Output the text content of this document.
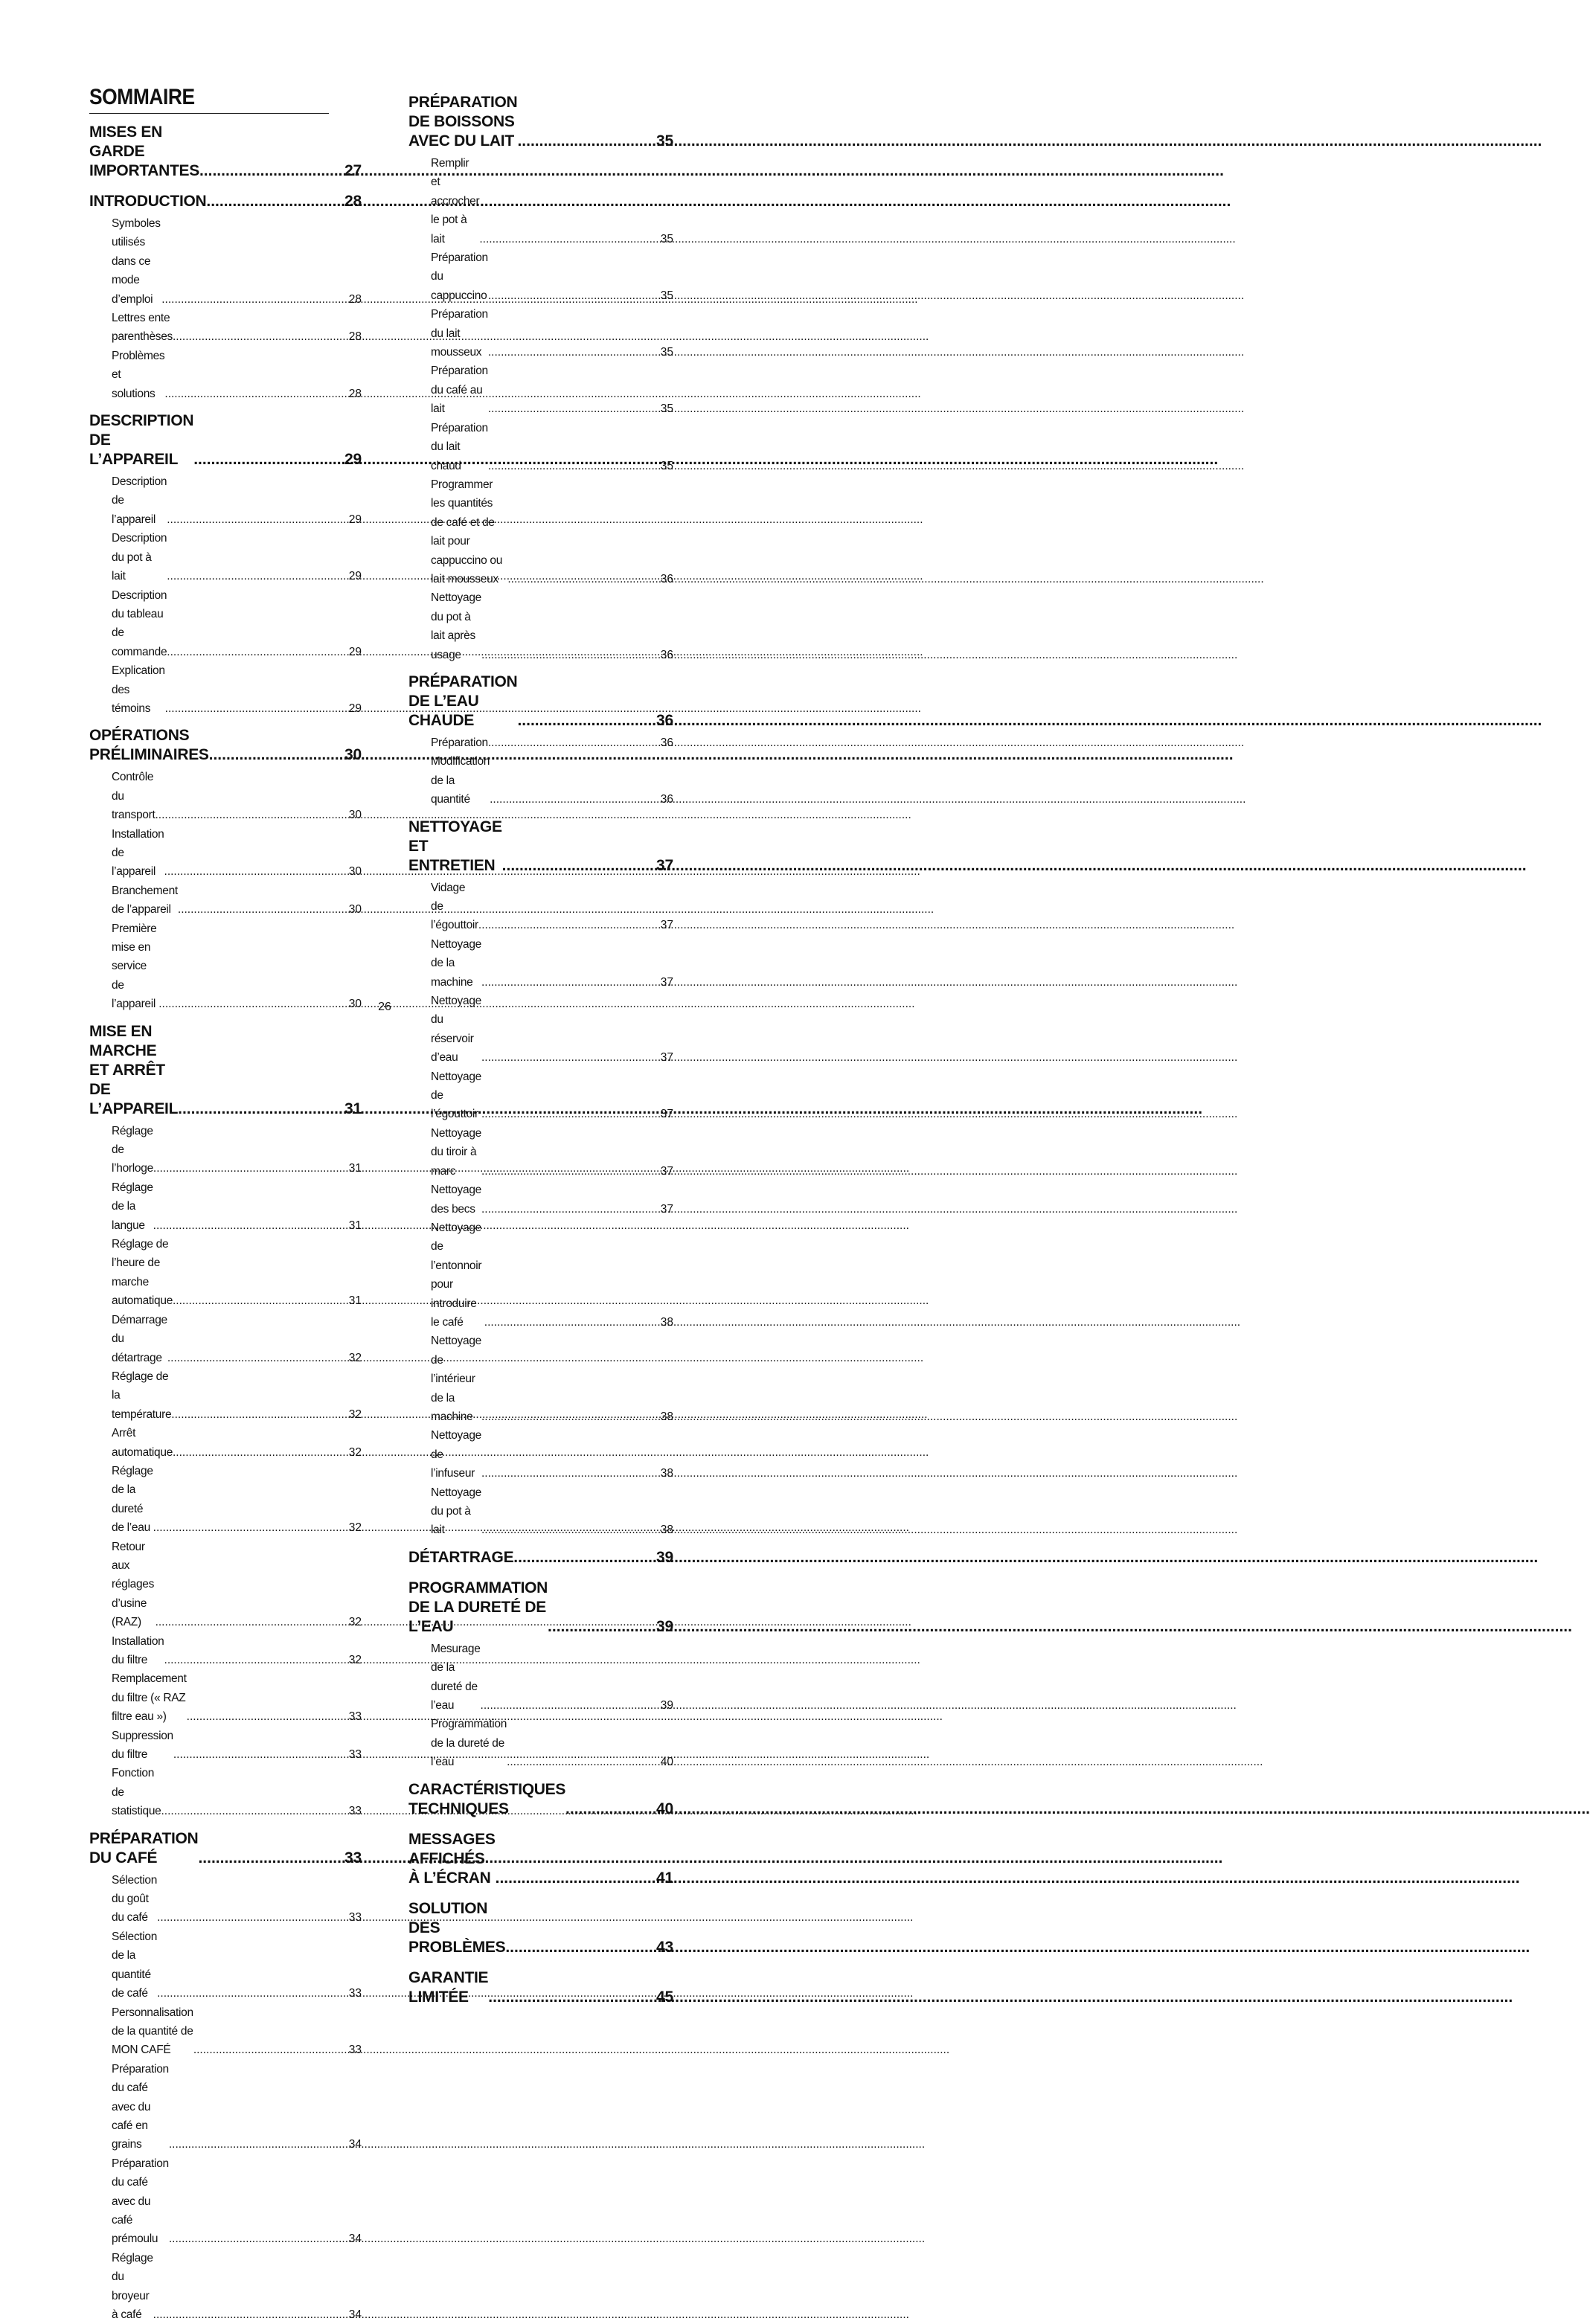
SOMMAIRE
MISES EN GARDE IMPORTANTES .....	27
INTRODUCTION .....	28
Symboles utilisés dans ce mode d’emploi .....	28
Lettres ente parenthèses .....	28
Problèmes et solutions .....	28
DESCRIPTION DE L’APPAREIL .....	29
Description de l’appareil .....	29
Description du pot à lait .....	29
Description du tableau de commande .....	29
Explication des témoins .....	29
OPÉRATIONS PRÉLIMINAIRES .....	30
Contrôle du transport .....	30
Installation de l’appareil .....	30
Branchement de l’appareil .....	30
Première mise en service de l’appareil .....	30
MISE EN MARCHE ET ARRÊT DE L’APPAREIL .....	31
Réglage de l’horloge .....	31
Réglage de la langue .....	31
Réglage de l’heure de marche automatique .....	31
Démarrage du détartrage .....	32
Réglage de la température .....	32
Arrêt automatique .....	32
Réglage de la dureté de l’eau .....	32
Retour aux réglages d’usine (RAZ) .....	32
Installation du filtre .....	32
Remplacement du filtre (« RAZ filtre eau ») .....	33
Suppression du filtre .....	33
Fonction de statistique .....	33
PRÉPARATION DU CAFÉ .....	33
Sélection du goût du café .....	33
Sélection de la quantité de café .....	33
Personnalisation de la quantité de MON CAFÉ .....	33
Préparation du café avec du café en grains .....	34
Préparation du café avec du café prémoulu .....	34
Réglage du broyeur à café .....	34
PRÉPARATION DE BOISSONS AVEC DU LAIT .....	35
Remplir et accrocher le pot à lait .....	35
Préparation du cappuccino .....	35
Préparation du lait mousseux .....	35
Préparation du café au lait .....	35
Préparation du lait chaud .....	35
Programmer les quantités de café et de lait pour cappuccino ou lait mousseux .....	36
Nettoyage du pot à lait après usage .....	36
PRÉPARATION DE L’EAU CHAUDE .....	36
Préparation .....	36
Modification de la quantité .....	36
NETTOYAGE ET ENTRETIEN .....	37
Vidage de l’égouttoir .....	37
Nettoyage de la machine .....	37
Nettoyage du réservoir d’eau .....	37
Nettoyage de l’égouttoir .....	37
Nettoyage du tiroir à marc .....	37
Nettoyage des becs .....	37
Nettoyage de l’entonnoir pour introduire le café .....	38
Nettoyage de l’intérieur de la machine .....	38
Nettoyage de l’infuseur .....	38
Nettoyage du pot à lait .....	38
DÉTARTRAGE .....	39
PROGRAMMATION DE LA DURETÉ DE L’EAU .....	39
Mesurage de la dureté de l’eau .....	39
Programmation de la dureté de l’eau .....	40
CARACTÉRISTIQUES TECHNIQUES .....	40
MESSAGES AFFICHÉS À L’ÉCRAN .....	41
SOLUTION DES PROBLÈMES .....	43
GARANTIE LIMITÉE .....	45
26
